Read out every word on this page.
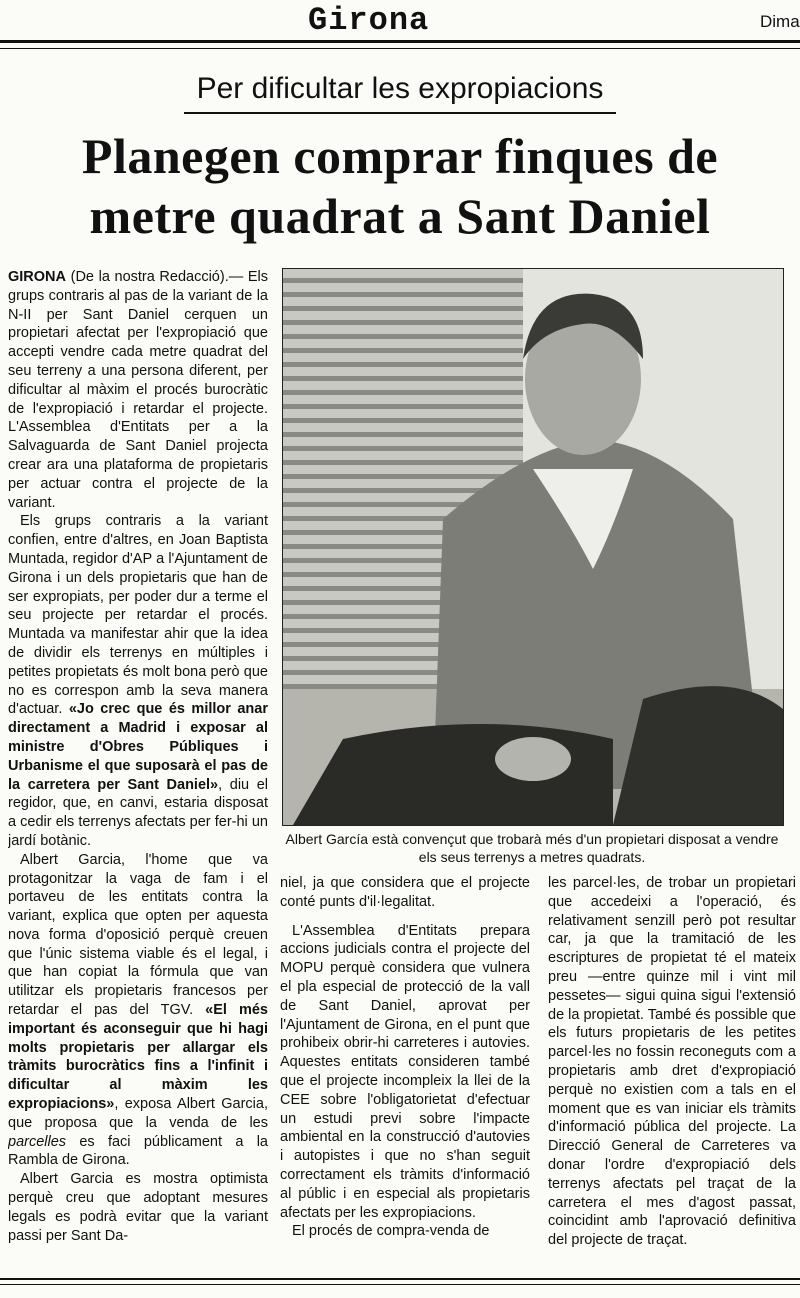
Girona	Dima
Per dificultar les expropiacions
Planegen comprar finques de
metre quadrat a Sant Daniel

GIRONA (De la nostra Redacció).— Els grups contraris al pas de la variant de la N-II per Sant Daniel cerquen un propietari afectat per l'expropiació que accepti vendre cada metre quadrat del seu terreny a una persona diferent, per dificultar al màxim el procés burocràtic de l'expropiació i retardar el projecte. L'Assemblea d'Entitats per a la Salvaguarda de Sant Daniel projecta crear ara una plataforma de propietaris per actuar contra el projecte de la variant.

Els grups contraris a la variant confien, entre d'altres, en Joan Baptista Muntada, regidor d'AP a l'Ajuntament de Girona i un dels propietaris que han de ser expropiats, per poder dur a terme el seu projecte per retardar el procés. Muntada va manifestar ahir que la idea de dividir els terrenys en múltiples i petites propietats és molt bona però que no es correspon amb la seva manera d'actuar. «Jo crec que és millor anar directament a Madrid i exposar al ministre d'Obres Públiques i Urbanisme el que suposarà el pas de la carretera per Sant Daniel», diu el regidor, que, en canvi, estaria disposat a cedir els terrenys afectats per fer-hi un jardí botànic.

Albert Garcia, l'home que va protagonitzar la vaga de fam i el portaveu de les entitats contra la variant, explica que opten per aquesta nova forma d'oposició perquè creuen que l'únic sistema viable és el legal, i que han copiat la fórmula que van utilitzar els propietaris francesos per retardar el pas del TGV. «El més important és aconseguir que hi hagi molts propietaris per allargar els tràmits burocràtics fins a l'infinit i dificultar al màxim les expropiacions», exposa Albert Garcia, que proposa que la venda de les parcelles es faci públicament a la Rambla de Girona.

Albert Garcia es mostra optimista perquè creu que adoptant mesures legals es podrà evitar que la variant passi per Sant Da-

Albert García està convençut que trobarà més d'un propietari disposat a vendre els seus terrenys a metres quadrats.

niel, ja que considera que el projecte conté punts d'il·legalitat.

L'Assemblea d'Entitats prepara accions judicials contra el projecte del MOPU perquè considera que vulnera el pla especial de protecció de la vall de Sant Daniel, aprovat per l'Ajuntament de Girona, en el punt que prohibeix obrir-hi carreteres i autovies. Aquestes entitats consideren també que el projecte incompleix la llei de la CEE sobre l'obligatorietat d'efectuar un estudi previ sobre l'impacte ambiental en la construcció d'autovies i autopistes i que no s'han seguit correctament els tràmits d'informació al públic i en especial als propietaris afectats per les expropiacions.

El procés de compra-venda de

les parcel·les, de trobar un propietari que accedeixi a l'operació, és relativament senzill però pot resultar car, ja que la tramitació de les escriptures de propietat té el mateix preu —entre quinze mil i vint mil pessetes— sigui quina sigui l'extensió de la propietat. També és possible que els futurs propietaris de les petites parcel·les no fossin reconeguts com a propietaris amb dret d'expropiació perquè no existien com a tals en el moment que es van iniciar els tràmits d'informació pública del projecte. La Direcció General de Carreteres va donar l'ordre d'expropiació dels terrenys afectats pel traçat de la carretera el mes d'agost passat, coincidint amb l'aprovació definitiva del projecte de traçat.
